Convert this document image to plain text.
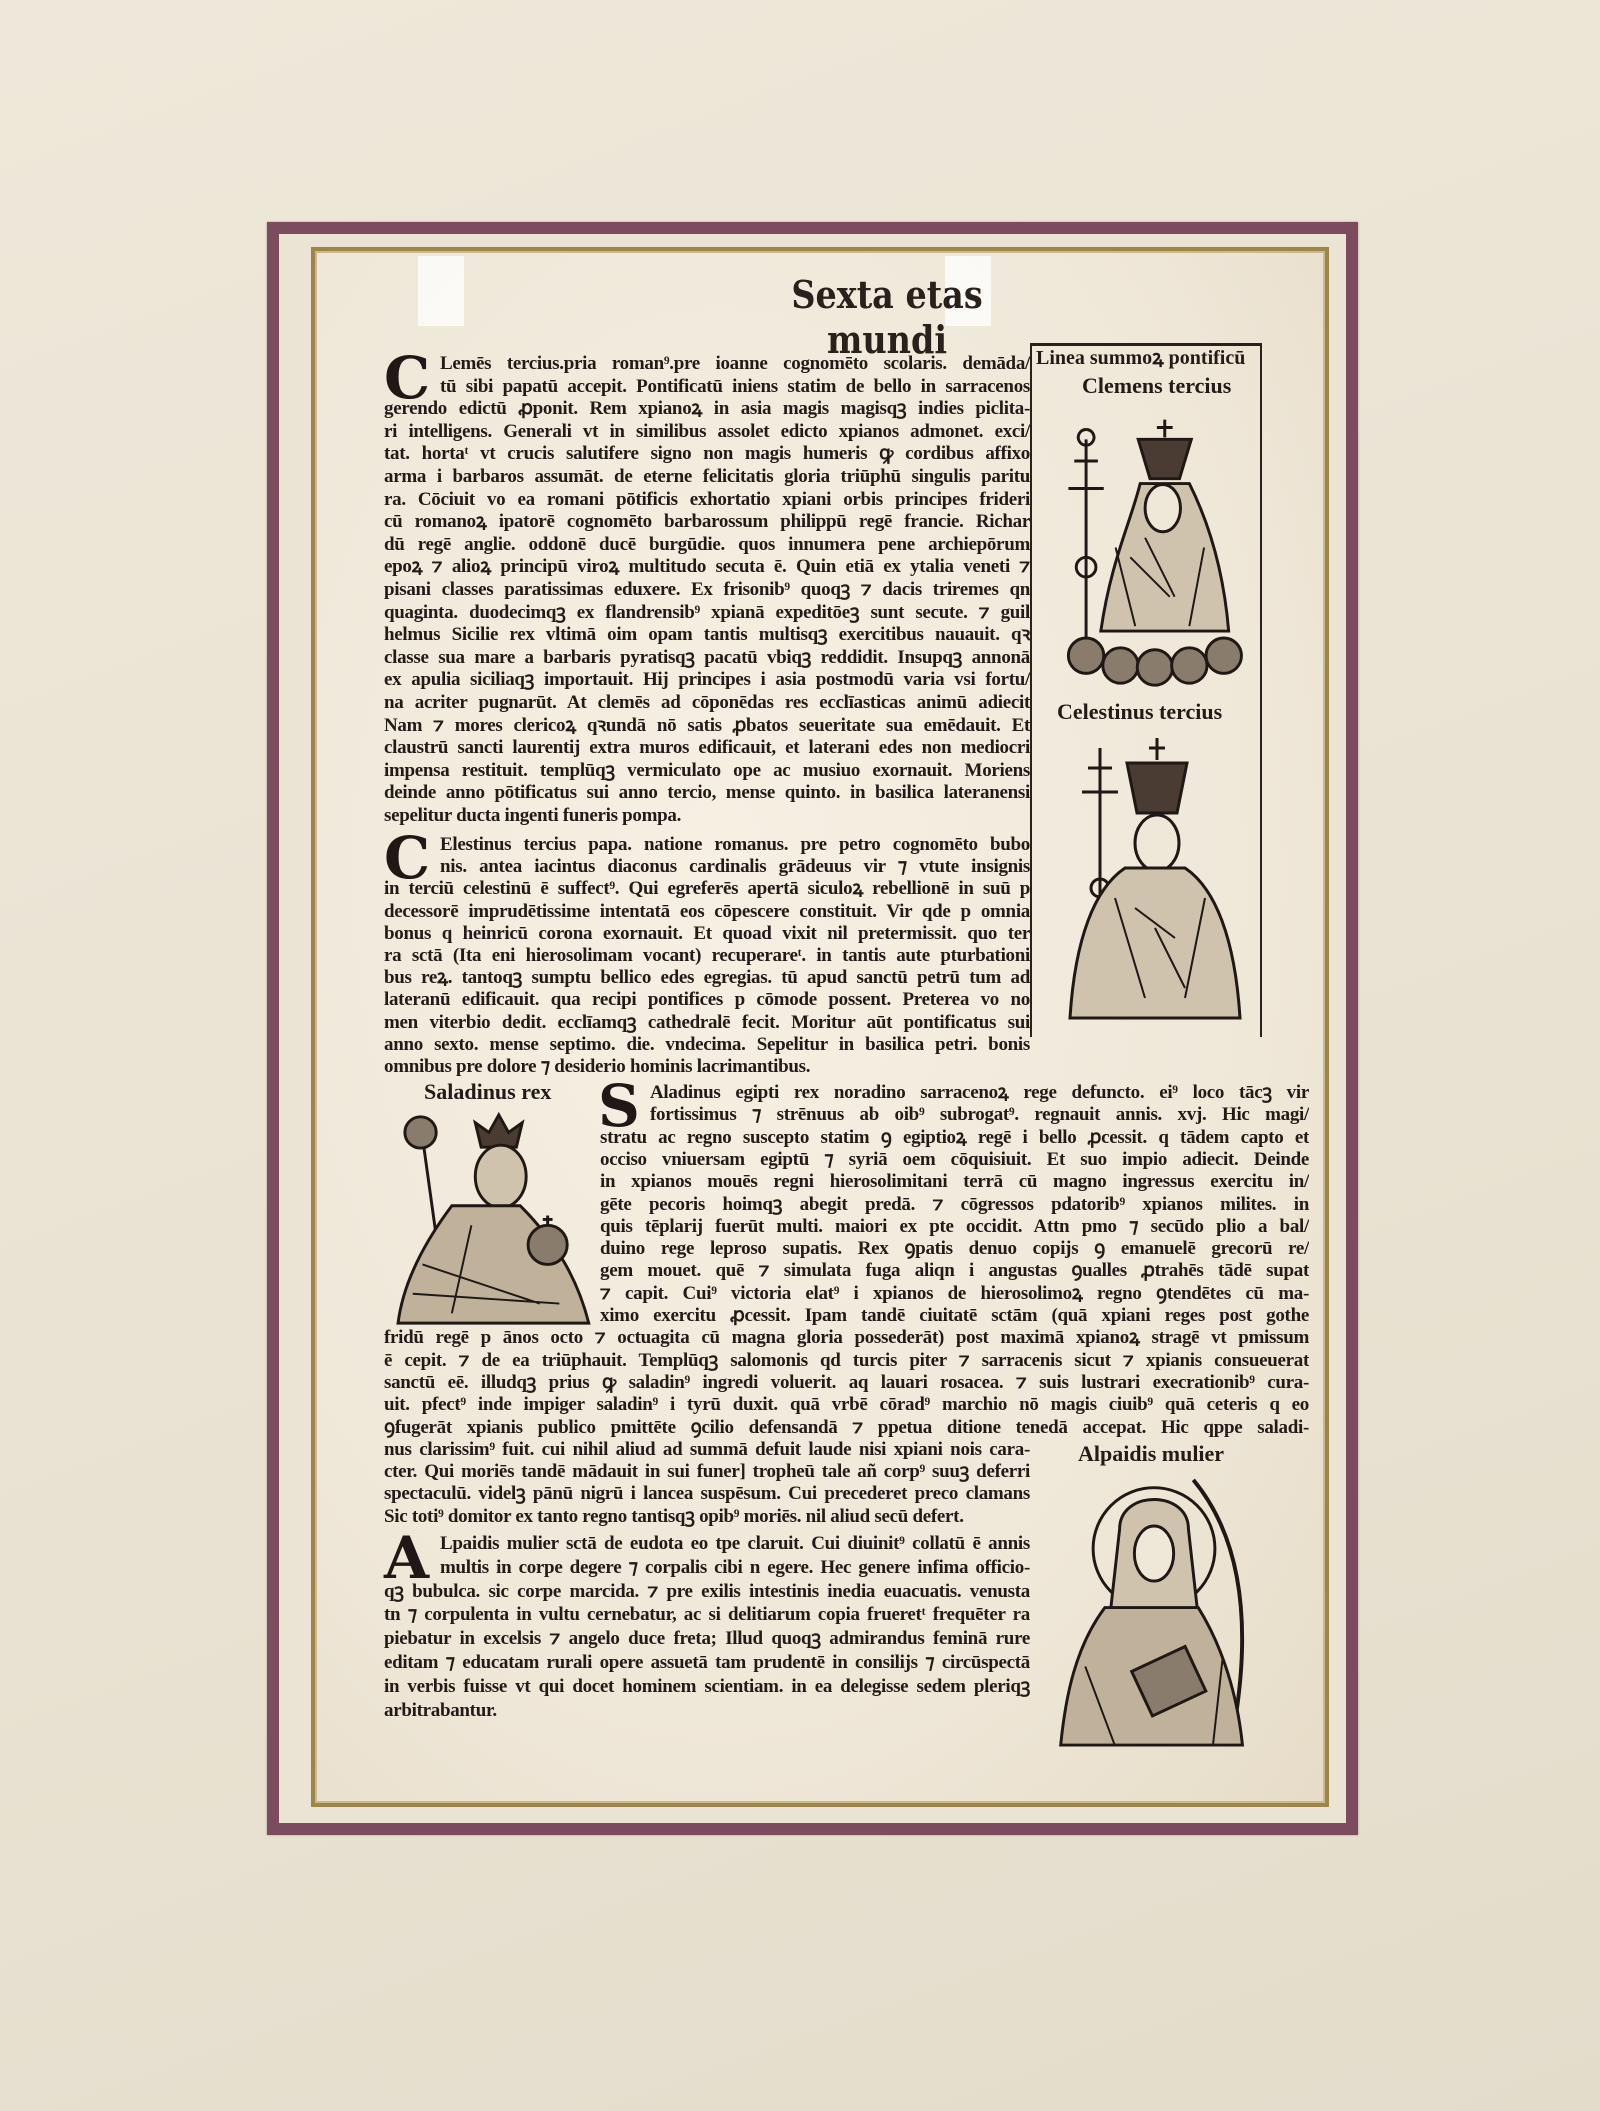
Sexta etas mundi	Linea summoꝝ pontificū
Clemens tercius
Celestinus tercius
Saladinus rex
Alpaidis mulier
C
C
S
A
Lemēs tercius.pria roman⁹.pre ioanne cognomēto scolaris. demāda/
tū sibi papatū accepit. Pontificatū iniens statim de bello in sarracenos
gerendo edictū ꝓponit. Rem xpianoꝝ in asia magis magisqꝫ indies piclita-
ri intelligens. Generali vt in similibus assolet edicto xpianos admonet. exci/
tat. hortaᵗ vt crucis salutifere signo non magis humeris ꝙ cordibus affixo
arma i barbaros assumāt. de eterne felicitatis gloria triūphū singulis paritu
ra. Cōciuit vo ea romani pōtificis exhortatio xpiani orbis principes frideri
cū romanoꝝ ipatorē cognomēto barbarossum philippū regē francie. Richar
dū regē anglie. oddonē ducē burgūdie. quos innumera pene archiepōrum
epoꝝ ⁊ alioꝝ principū viroꝝ multitudo secuta ē. Quin etiā ex ytalia veneti ⁊
pisani classes paratissimas eduxere. Ex frisonib⁹ quoqꝫ ⁊ dacis triremes qn
quaginta. duodecimqꝫ ex flandrensib⁹ xpianā expeditōeꝫ sunt secute. ⁊ guil
helmus Sicilie rex vltimā oim opam tantis multisqꝫ exercitibus nauauit. qꝛ
classe sua mare a barbaris pyratisqꝫ pacatū vbiqꝫ reddidit. Insupqꝫ annonā
ex apulia siciliaqꝫ importauit. Hij principes i asia postmodū varia vsi fortu/
na acriter pugnarūt. At clemēs ad cōponēdas res ecclīasticas animū adiecit
Nam ⁊ mores clericoꝝ qꝛundā nō satis ꝓbatos seueritate sua emēdauit. Et
claustrū sancti laurentij extra muros edificauit, et laterani edes non mediocri
impensa restituit. templūqꝫ vermiculato ope ac musiuo exornauit. Moriens
deinde anno pōtificatus sui anno tercio, mense quinto. in basilica lateranensi
sepelitur ducta ingenti funeris pompa.
Elestinus tercius papa. natione romanus. pre petro cognomēto bubo
nis. antea iacintus diaconus cardinalis grādeuus vir ⁊ vtute insignis
in terciū celestinū ē suffect⁹. Qui egreferēs apertā siculoꝝ rebellionē in suū p
decessorē imprudētissime intentatā eos cōpescere constituit. Vir qde p omnia
bonus q heinricū corona exornauit. Et quoad vixit nil pretermissit. quo ter
ra sctā (Ita eni hierosolimam vocant) recuperareᵗ. in tantis aute pturbationi
bus reꝝ. tantoqꝫ sumptu bellico edes egregias. tū apud sanctū petrū tum ad
lateranū edificauit. qua recipi pontifices p cōmode possent. Preterea vo no
men viterbio dedit. ecclīamqꝫ cathedralē fecit. Moritur aūt pontificatus sui
anno sexto. mense septimo. die. vndecima. Sepelitur in basilica petri. bonis
omnibus pre dolore ⁊ desiderio hominis lacrimantibus.
Aladinus egipti rex noradino sarracenoꝝ rege defuncto. ei⁹ loco tācꝫ vir
fortissimus ⁊ strēnuus ab oib⁹ subrogat⁹. regnauit annis. xvj. Hic magi/
stratu ac regno suscepto statim ꝯ egiptioꝝ regē i bello ꝓcessit. q tādem capto et
occiso vniuersam egiptū ⁊ syriā oem cōquisiuit. Et suo impio adiecit. Deinde
in xpianos mouēs regni hierosolimitani terrā cū magno ingressus exercitu in/
gēte pecoris hoimqꝫ abegit predā. ⁊ cōgressos pdatorib⁹ xpianos milites. in
quis tēplarij fuerūt multi. maiori ex pte occidit. Attn pmo ⁊ secūdo plio a bal/
duino rege leproso supatis. Rex ꝯpatis denuo copijs ꝯ emanuelē grecorū re/
gem mouet. quē ⁊ simulata fuga aliqn i angustas ꝯualles ꝓtrahēs tādē supat
⁊ capit. Cui⁹ victoria elat⁹ i xpianos de hierosolimoꝝ regno ꝯtendētes cū ma-
ximo exercitu ꝓcessit. Ipam tandē ciuitatē sctām (quā xpiani reges post gothe
fridū regē p ānos octo ⁊ octuagita cū magna gloria possederāt) post maximā xpianoꝝ stragē vt pmissum
ē cepit. ⁊ de ea triūphauit. Templūqꝫ salomonis qd turcis piter ⁊ sarracenis sicut ⁊ xpianis consueuerat
sanctū eē. illudqꝫ prius ꝙ saladin⁹ ingredi voluerit. aq lauari rosacea. ⁊ suis lustrari execrationib⁹ cura-
uit. pfect⁹ inde impiger saladin⁹ i tyrū duxit. quā vrbē cōrad⁹ marchio nō magis ciuib⁹ quā ceteris q eo
ꝯfugerāt xpianis publico pmittēte ꝯcilio defensandā ⁊ ppetua ditione tenedā accepat. Hic qppe saladi-
nus clarissim⁹ fuit. cui nihil aliud ad summā defuit laude nisi xpiani nois cara-
cter. Qui moriēs tandē mādauit in sui funer] tropheū tale añ corp⁹ suuꝫ deferri
spectaculū. videlꝫ pānū nigrū i lancea suspēsum. Cui precederet preco clamans
Sic toti⁹ domitor ex tanto regno tantisqꝫ opib⁹ moriēs. nil aliud secū defert.
Lpaidis mulier sctā de eudota eo tpe claruit. Cui diuinit⁹ collatū ē annis
multis in corpe degere ⁊ corpalis cibi n egere. Hec genere infima officio-
qꝫ bubulca. sic corpe marcida. ⁊ pre exilis intestinis inedia euacuatis. venusta
tn ⁊ corpulenta in vultu cernebatur, ac si delitiarum copia frueretᵗ frequēter ra
piebatur in excelsis ⁊ angelo duce freta; Illud quoqꝫ admirandus feminā rure
editam ⁊ educatam rurali opere assuetā tam prudentē in consilijs ⁊ circūspectā
in verbis fuisse vt qui docet hominem scientiam. in ea delegisse sedem pleriqꝫ
arbitrabantur.
